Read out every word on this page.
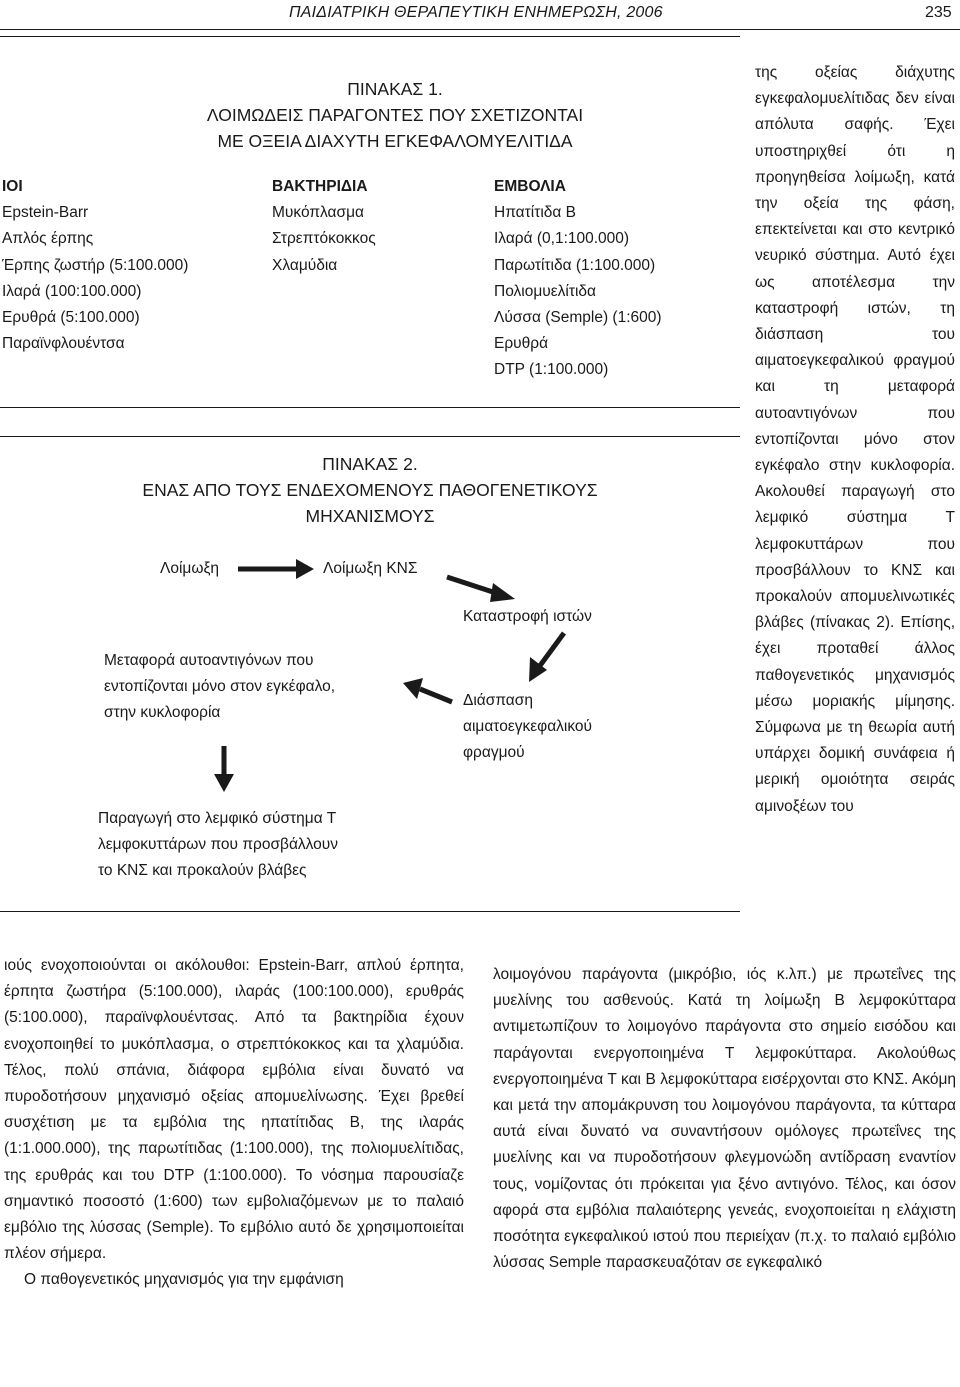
ΠΑΙΔΙΑΤΡΙΚΗ ΘΕΡΑΠΕΥΤΙΚΗ ΕΝΗΜΕΡΩΣΗ, 2006	235
της οξείας διάχυτης εγκεφαλομυελίτιδας δεν είναι απόλυτα σαφής. Έχει υποστηριχθεί ότι η προηγηθείσα λοίμωξη, κατά την οξεία της φάση, επεκτείνεται και στο κεντρικό νευρικό σύστημα. Αυτό έχει ως αποτέλεσμα την καταστροφή ιστών, τη διάσπαση του αιματοεγκεφαλικού φραγμού και τη μεταφορά αυτοαντιγόνων που εντοπίζονται μόνο στον εγκέφαλο στην κυκλοφορία. Ακολουθεί παραγωγή στο λεμφικό σύστημα Τ λεμφοκυττάρων που προσβάλλουν το ΚΝΣ και προκαλούν απομυελινωτικές βλάβες (πίνακας 2). Επίσης, έχει προταθεί άλλος παθογενετικός μηχανισμός μέσω μοριακής μίμησης. Σύμφωνα με τη θεωρία αυτή υπάρχει δομική συνάφεια ή μερική ομοιότητα σειράς αμινοξέων του
ΠΙΝΑΚΑΣ 1.
ΛΟΙΜΩΔΕΙΣ ΠΑΡΑΓΟΝΤΕΣ ΠΟΥ ΣΧΕΤΙΖΟΝΤΑΙ
ΜΕ ΟΞΕΙΑ ΔΙΑΧΥΤΗ ΕΓΚΕΦΑΛΟΜΥΕΛΙΤΙΔΑ
ΙΟΙ
Epstein-Barr
Απλός έρπης
Έρπης ζωστήρ (5:100.000)
Ιλαρά (100:100.000)
Ερυθρά (5:100.000)
Παραϊνφλουέντσα
ΒΑΚΤΗΡΙΔΙΑ
Μυκόπλασμα
Στρεπτόκοκκος
Χλαμύδια
ΕΜΒΟΛΙΑ
Ηπατίτιδα Β
Ιλαρά (0,1:100.000)
Παρωτίτιδα (1:100.000)
Πολιομυελίτιδα
Λύσσα (Semple) (1:600)
Ερυθρά
DTP (1:100.000)
ΠΙΝΑΚΑΣ 2.
ΕΝΑΣ ΑΠΟ ΤΟΥΣ ΕΝΔΕΧΟΜΕΝΟΥΣ ΠΑΘΟΓΕΝΕΤΙΚΟΥΣ
ΜΗΧΑΝΙΣΜΟΥΣ
Λοίμωξη	Λοίμωξη ΚΝΣ
Καταστροφή ιστών
Διάσπαση
αιματοεγκεφαλικού
φραγμού
Μεταφορά αυτοαντιγόνων που
εντοπίζονται μόνο στον εγκέφαλο,
στην κυκλοφορία
Παραγωγή στο λεμφικό σύστημα Τ
λεμφοκυττάρων που προσβάλλουν
το ΚΝΣ και προκαλούν βλάβες

ιούς ενοχοποιούνται οι ακόλουθοι: Epstein-Barr, απλού έρπητα, έρπητα ζωστήρα (5:100.000), ιλαράς (100:100.000), ερυθράς (5:100.000), παραϊνφλουέντσας. Από τα βακτηρίδια έχουν ενοχοποιηθεί το μυκόπλασμα, ο στρεπτόκοκκος και τα χλαμύδια. Τέλος, πολύ σπάνια, διάφορα εμβόλια είναι δυνατό να πυροδοτήσουν μηχανισμό οξείας απομυελίνωσης. Έχει βρεθεί συσχέτιση με τα εμβόλια της ηπατίτιδας Β, της ιλαράς (1:1.000.000), της παρωτίτιδας (1:100.000), της πολιομυελίτιδας, της ερυθράς και του DTP (1:100.000). Το νόσημα παρουσίαζε σημαντικό ποσοστό (1:600) των εμβολιαζόμενων με το παλαιό εμβόλιο της λύσσας (Semple). Το εμβόλιο αυτό δε χρησιμοποιείται πλέον σήμερα.

Ο παθογενετικός μηχανισμός για την εμφάνιση

λοιμογόνου παράγοντα (μικρόβιο, ιός κ.λπ.) με πρωτεΐνες της μυελίνης του ασθενούς. Κατά τη λοίμωξη Β λεμφοκύτταρα αντιμετωπίζουν το λοιμογόνο παράγοντα στο σημείο εισόδου και παράγονται ενεργοποιημένα Τ λεμφοκύτταρα. Ακολούθως ενεργοποιημένα Τ και Β λεμφοκύτταρα εισέρχονται στο ΚΝΣ. Ακόμη και μετά την απομάκρυνση του λοιμογόνου παράγοντα, τα κύτταρα αυτά είναι δυνατό να συναντήσουν ομόλογες πρωτεΐνες της μυελίνης και να πυροδοτήσουν φλεγμονώδη αντίδραση εναντίον τους, νομίζοντας ότι πρόκειται για ξένο αντιγόνο. Τέλος, και όσον αφορά στα εμβόλια παλαιότερης γενεάς, ενοχοποιείται η ελάχιστη ποσότητα εγκεφαλικού ιστού που περιείχαν (π.χ. το παλαιό εμβόλιο λύσσας Semple παρασκευαζόταν σε εγκεφαλικό
